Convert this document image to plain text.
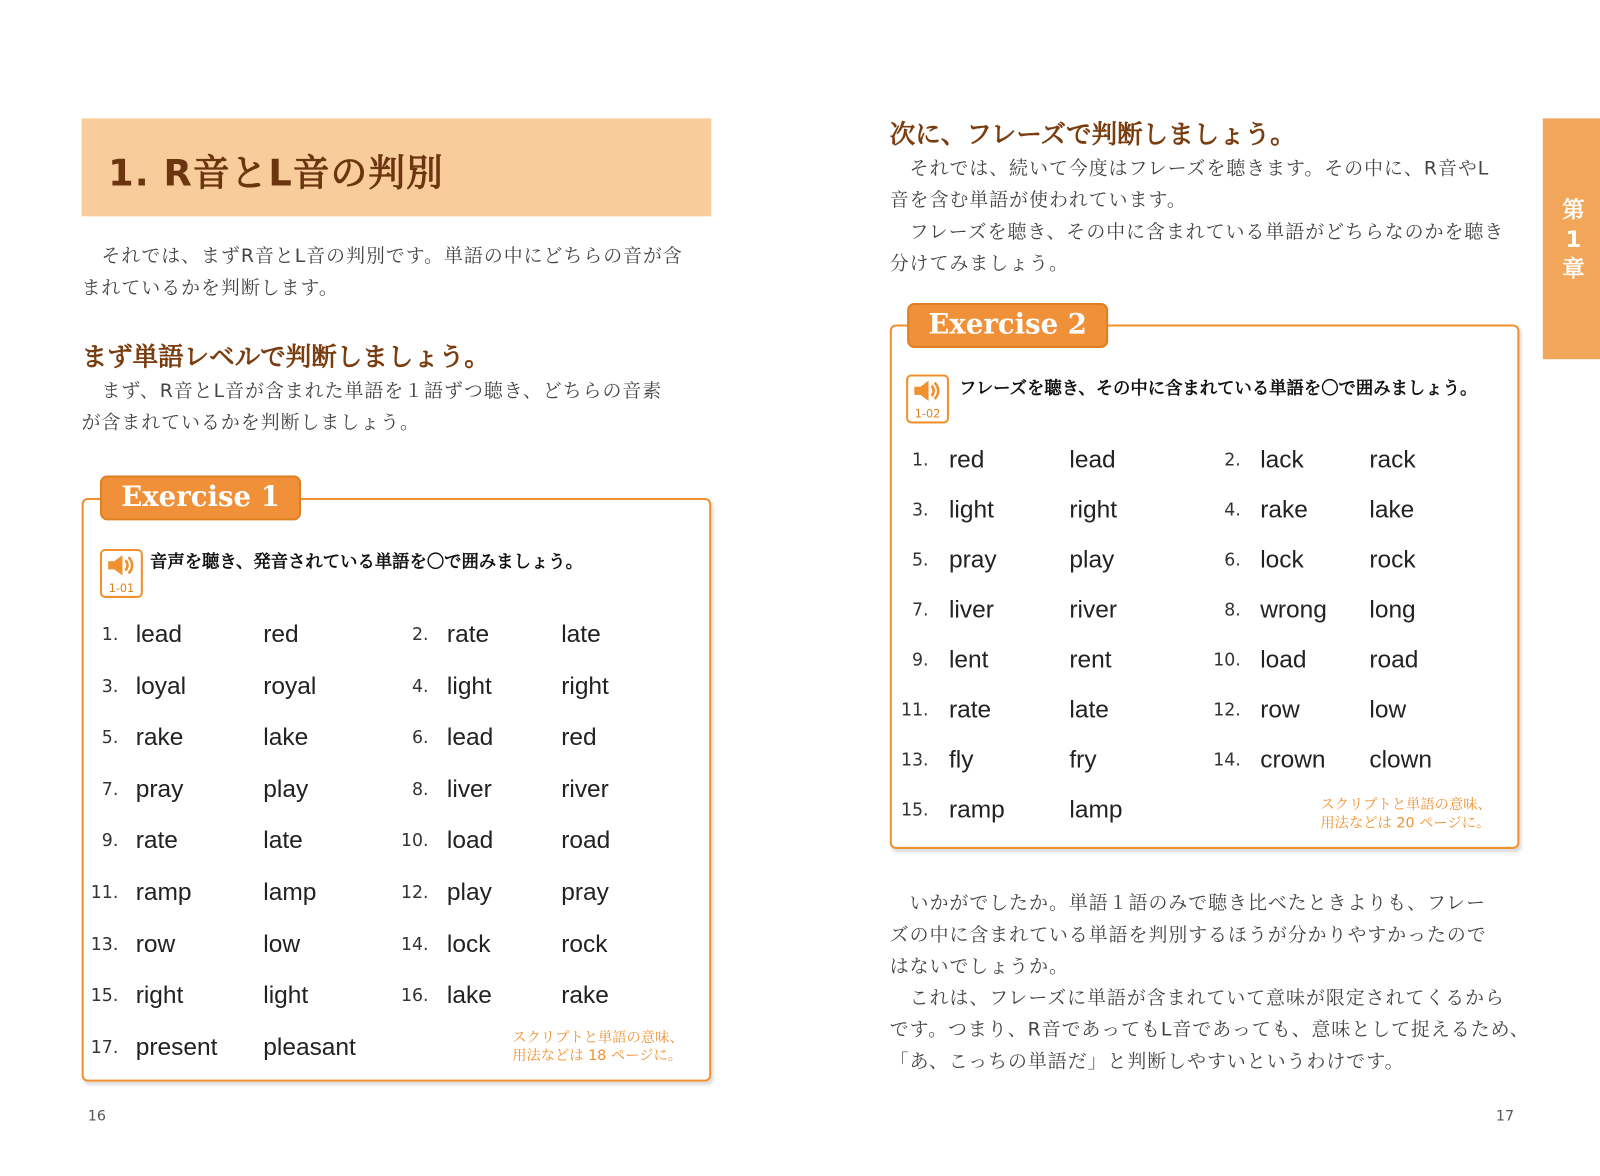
1. R音とL音の判別
　それでは、まずR音とL音の判別です。単語の中にどちらの音が含
まれているかを判断します。
まず単語レベルで判断しましょう。
　まず、R音とL音が含まれた単語を１語ずつ聴き、どちらの音素
が含まれているかを判断しましょう。
Exercise 1
1-01
音声を聴き、発音されている単語を〇で囲みましょう。
1. lead	red	2. rate	late
3. loyal	royal	4. light	right
5. rake	lake	6. lead	red
7. pray	play	8. liver	river
9. rate	late	10. load	road
11. ramp	lamp	12. play	pray
13. row	low	14. lock	rock
15. right	light	16. lake	rake
17. present pleasant	スクリプトと単語の意味、
用法などは 18 ページに。
16
次に、フレーズで判断しましょう。
　それでは、続いて今度はフレーズを聴きます。その中に、R音やL
音を含む単語が使われています。
　フレーズを聴き、その中に含まれている単語がどちらなのかを聴き
分けてみましょう。
Exercise 2
1-02
フレーズを聴き、その中に含まれている単語を〇で囲みましょう。
1. red	lead	2. lack	rack
3. light	right	4. rake	lake
5. pray	play	6. lock	rock
7. liver	river	8. wrong long
9. lent	rent	10. load	road
11. rate	late	12. row	low
13. fly	fry	14. crown clown
15. ramp	lamp	スクリプトと単語の意味、
用法などは 20 ページに。
　いかがでしたか。単語１語のみで聴き比べたときよりも、フレー
ズの中に含まれている単語を判別するほうが分かりやすかったので
はないでしょうか。
　これは、フレーズに単語が含まれていて意味が限定されてくるから
です。つまり、R音であってもL音であっても、意味として捉えるため、
「あ、こっちの単語だ」と判断しやすいというわけです。
第
1
章
17
